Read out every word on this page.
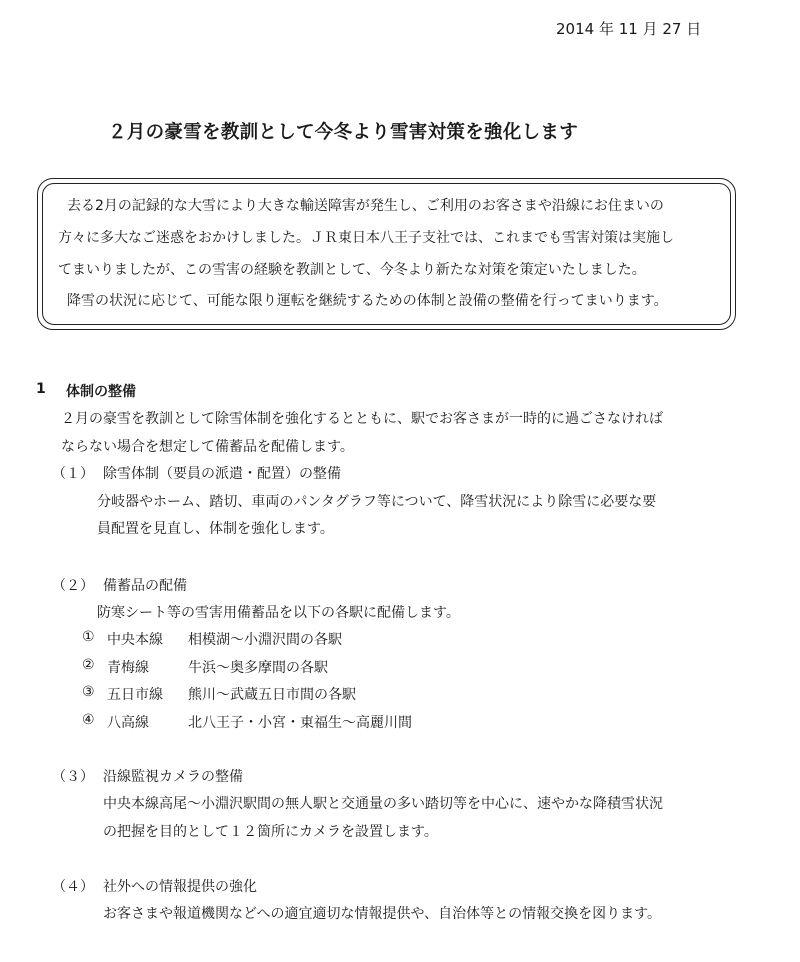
2014 年 11 月 27 日
２月の豪雪を教訓として今冬より雪害対策を強化します
去る2月の記録的な大雪により大きな輸送障害が発生し、ご利用のお客さまや沿線にお住まいの
方々に多大なご迷惑をおかけしました。ＪＲ東日本八王子支社では、これまでも雪害対策は実施し
てまいりましたが、この雪害の経験を教訓として、今冬より新たな対策を策定いたしました。
降雪の状況に応じて、可能な限り運転を継続するための体制と設備の整備を行ってまいります。
1 体制の整備
２月の豪雪を教訓として除雪体制を強化するとともに、駅でお客さまが一時的に過ごさなければ
ならない場合を想定して備蓄品を配備します。
（１） 除雪体制（要員の派遣・配置）の整備
分岐器やホーム、踏切、車両のパンタグラフ等について、降雪状況により除雪に必要な要
員配置を見直し、体制を強化します。
（２） 備蓄品の配備
防寒シート等の雪害用備蓄品を以下の各駅に配備します。
① 中央本線 相模湖～小淵沢間の各駅
② 青梅線	牛浜～奥多摩間の各駅
③ 五日市線 熊川～武蔵五日市間の各駅
④ 八高線	北八王子・小宮・東福生～高麗川間
（３） 沿線監視カメラの整備
中央本線高尾～小淵沢駅間の無人駅と交通量の多い踏切等を中心に、速やかな降積雪状況
の把握を目的として１２箇所にカメラを設置します。
（４） 社外への情報提供の強化
お客さまや報道機関などへの適宜適切な情報提供や、自治体等との情報交換を図ります。
